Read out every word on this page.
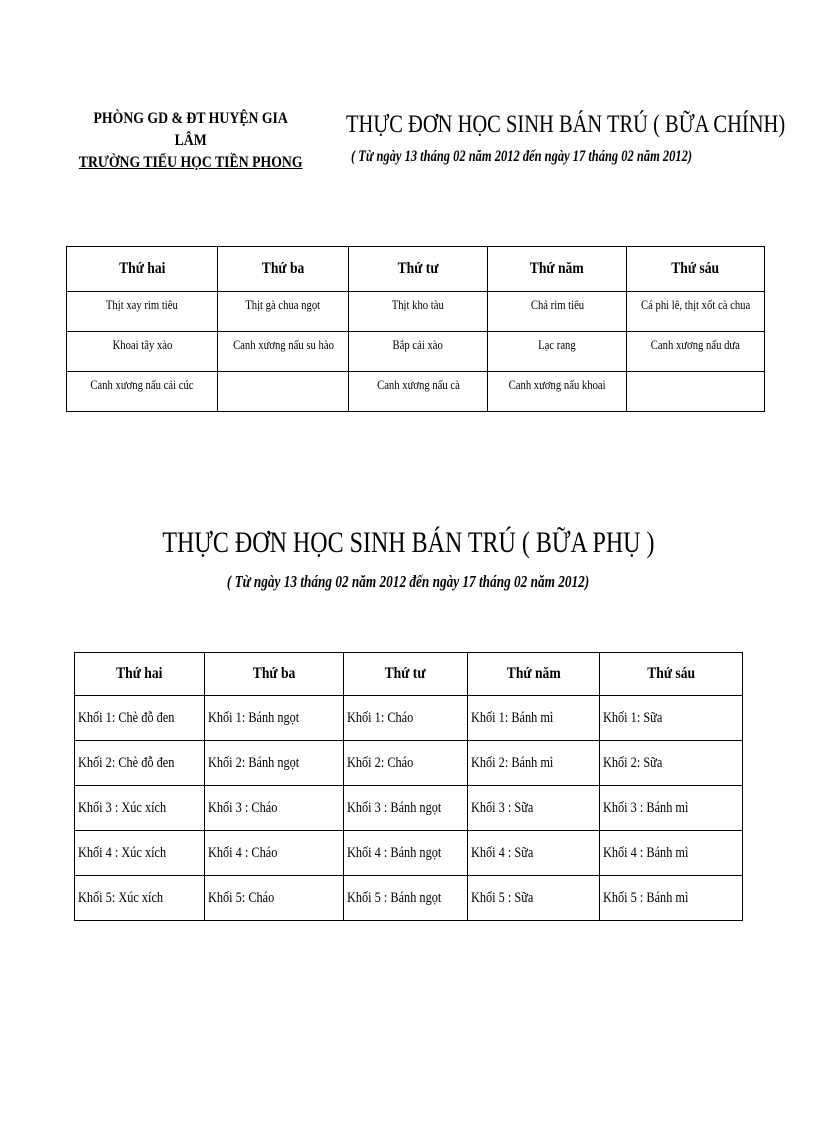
PHÒNG GD & ĐT HUYỆN GIA LÂM
TRƯỜNG TIỂU HỌC TIỀN PHONG
THỰC ĐƠN HỌC SINH BÁN TRÚ ( BỮA CHÍNH)
( Từ ngày 13 tháng 02 năm 2012 đến ngày 17 tháng 02 năm 2012)
Thứ hai	Thứ ba	Thứ tư	Thứ năm	Thứ sáu
Thịt xay rim tiêu	Thịt gà chua ngọt	Thịt kho tàu	Chả rim tiêu	Cá phi lê, thịt xốt cà chua
Khoai tây xào	Canh xương nấu su hào	Bắp cải xào	Lạc rang	Canh xương nấu dưa
Canh xương nấu cải cúc		Canh xương nấu cà	Canh xương nấu khoai	
THỰC ĐƠN HỌC SINH BÁN TRÚ ( BỮA PHỤ )
( Từ ngày 13 tháng 02 năm 2012 đến ngày 17 tháng 02 năm 2012)
Thứ hai	Thứ ba	Thứ tư	Thứ năm	Thứ sáu
Khối 1: Chè đỗ đen	Khối 1: Bánh ngọt	Khối 1: Cháo	Khối 1: Bánh mì	Khối 1: Sữa
Khối 2: Chè đỗ đen	Khối 2: Bánh ngọt	Khối 2: Cháo	Khối 2: Bánh mì	Khối 2: Sữa
Khối 3 : Xúc xích	Khối 3 : Cháo	Khối 3 : Bánh ngọt	Khối 3 : Sữa	Khối 3 : Bánh mì
Khối 4 : Xúc xích	Khối 4 : Cháo	Khối 4 : Bánh ngọt	Khối 4 : Sữa	Khối 4 : Bánh mì
Khối 5: Xúc xích	Khối 5: Cháo	Khối 5 : Bánh ngọt	Khối 5 : Sữa	Khối 5 : Bánh mì
